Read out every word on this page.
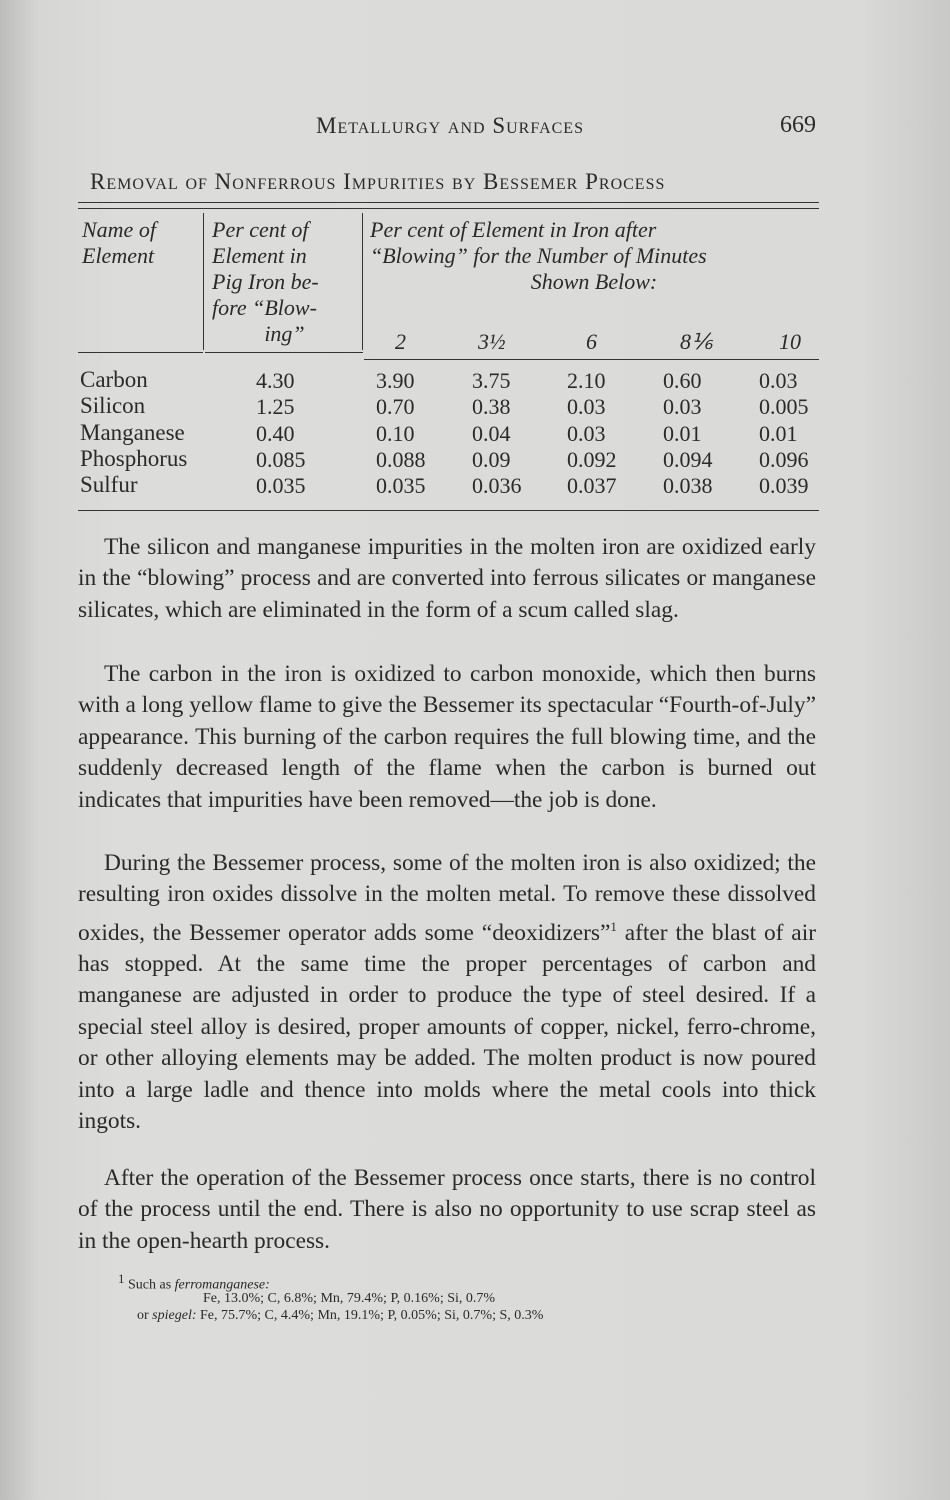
Metallurgy and Surfaces	669
Removal of Nonferrous Impurities by Bessemer Process
Name of
Element
Per cent of
Element in
Pig Iron be-
fore “Blow-
ing”
Per cent of Element in Iron after
“Blowing” for the Number of Minutes
Shown Below:
2	3½	6	8⅙	10
Carbon	4.30	3.90	3.75	2.10	0.60	0.03
Silicon	1.25	0.70	0.38	0.03	0.03	0.005
Manganese	0.40	0.10	0.04	0.03	0.01	0.01
Phosphorus	0.085	0.088 0.09	0.092 0.094 0.096
Sulfur	0.035	0.035 0.036 0.037 0.038 0.039
The silicon and manganese impurities in the molten iron are oxidized early in the “blowing” process and are converted into ferrous silicates or manganese silicates, which are eliminated in the form of a scum called slag.
The carbon in the iron is oxidized to carbon monoxide, which then burns with a long yellow flame to give the Bessemer its spectacular “Fourth-of-July” appearance. This burning of the carbon requires the full blowing time, and the suddenly decreased length of the flame when the carbon is burned out indicates that impurities have been removed—the job is done.
During the Bessemer process, some of the molten iron is also oxidized; the resulting iron oxides dissolve in the molten metal. To remove these dissolved oxides, the Bessemer operator adds some “deoxidizers”$^1$ after the blast of air has stopped. At the same time the proper percentages of carbon and manganese are adjusted in order to produce the type of steel desired. If a special steel alloy is desired, proper amounts of copper, nickel, ferro-chrome, or other alloying elements may be added. The molten product is now poured into a large ladle and thence into molds where the metal cools into thick ingots.
After the operation of the Bessemer process once starts, there is no control of the process until the end. There is also no opportunity to use scrap steel as in the open-hearth process.
$^1$ Such as ferromanganese:
Fe, 13.0%; C, 6.8%; Mn, 79.4%; P, 0.16%; Si, 0.7%
or spiegel: Fe, 75.7%; C, 4.4%; Mn, 19.1%; P, 0.05%; Si, 0.7%; S, 0.3%
